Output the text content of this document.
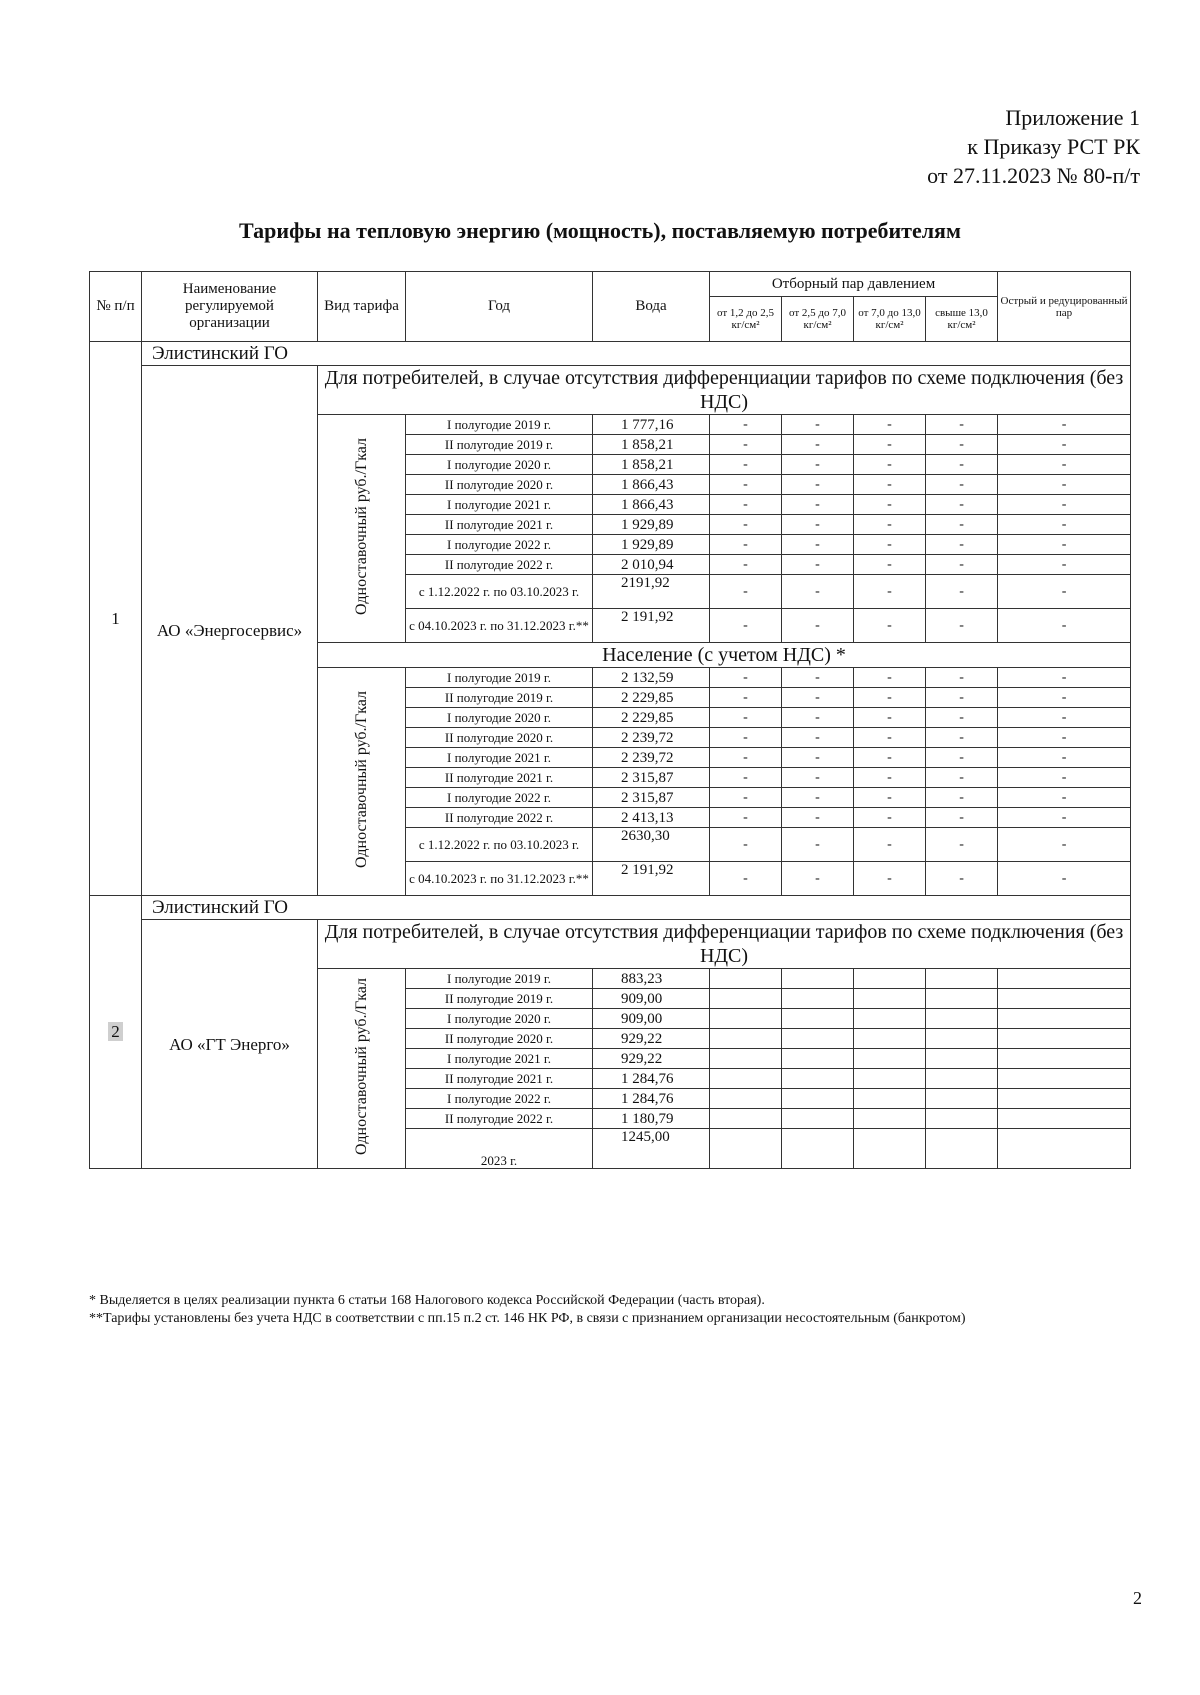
Приложение 1
к Приказу РСТ РК
от 27.11.2023 № 80-п/т
Тарифы на тепловую энергию (мощность), поставляемую потребителям
№ п/п	Наименование регулируемой организации	Вид тарифа	Год	Вода	Отборный пар давлением				Острый и редуцированный пар
					от 1,2 до 2,5 кг/см²	от 2,5 до 7,0 кг/см²	от 7,0 до 13,0 кг/см²	свыше 13,0 кг/см²	
1	Элистинский ГО								
	АО «Энергосервис»	Для потребителей, в случае отсутствия дифференциации тарифов по схеме подключения (без НДС)							
		Одноставочный руб./Гкал	I полугодие 2019 г.	1 777,16	-	-	-	-	-
			II полугодие 2019 г.	1 858,21	-	-	-	-	-
			I полугодие 2020 г.	1 858,21	-	-	-	-	-
			II полугодие 2020 г.	1 866,43	-	-	-	-	-
			I полугодие 2021 г.	1 866,43	-	-	-	-	-
			II полугодие 2021 г.	1 929,89	-	-	-	-	-
			I полугодие 2022 г.	1 929,89	-	-	-	-	-
			II полугодие 2022 г.	2 010,94	-	-	-	-	-
			с 1.12.2022 г. по 03.10.2023 г.	2191,92	-	-	-	-	-
			с 04.10.2023 г. по 31.12.2023 г.**	2 191,92	-	-	-	-	-
		Население (с учетом НДС) *							
		Одноставочный руб./Гкал	I полугодие 2019 г.	2 132,59	-	-	-	-	-
			II полугодие 2019 г.	2 229,85	-	-	-	-	-
			I полугодие 2020 г.	2 229,85	-	-	-	-	-
			II полугодие 2020 г.	2 239,72	-	-	-	-	-
			I полугодие 2021 г.	2 239,72	-	-	-	-	-
			II полугодие 2021 г.	2 315,87	-	-	-	-	-
			I полугодие 2022 г.	2 315,87	-	-	-	-	-
			II полугодие 2022 г.	2 413,13	-	-	-	-	-
			с 1.12.2022 г. по 03.10.2023 г.	2630,30	-	-	-	-	-
			с 04.10.2023 г. по 31.12.2023 г.**	2 191,92	-	-	-	-	-
2	Элистинский ГО								
	АО «ГТ Энерго»	Для потребителей, в случае отсутствия дифференциации тарифов по схеме подключения (без НДС)							
		Одноставочный руб./Гкал	I полугодие 2019 г.	883,23					
			II полугодие 2019 г.	909,00					
			I полугодие 2020 г.	909,00					
			II полугодие 2020 г.	929,22					
			I полугодие 2021 г.	929,22					
			II полугодие 2021 г.	1 284,76					
			I полугодие 2022 г.	1 284,76					
			II полугодие 2022 г.	1 180,79					
			2023 г.	1245,00					
* Выделяется в целях реализации пункта 6 статьи 168 Налогового кодекса Российской Федерации (часть вторая).
**Тарифы установлены без учета НДС в соответствии с пп.15 п.2 ст. 146 НК РФ, в связи с признанием организации несостоятельным (банкротом)
2
